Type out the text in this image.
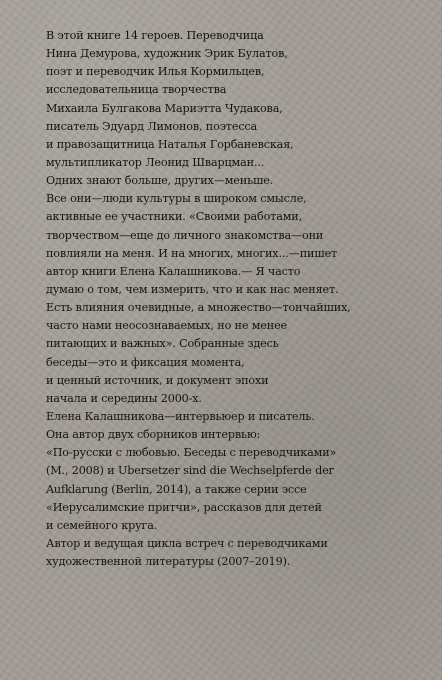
В этой книге 14 героев. Переводчица
Нина Демурова, художник Эрик Булатов,
поэт и переводчик Илья Кормильцев,
исследовательница творчества
Михаила Булгакова Мариэтта Чудакова,
писатель Эдуард Лимонов, поэтесса
и правозащитница Наталья Горбаневская,
мультипликатор Леонид Шварцман...
Одних знают больше, других—меньше.
Все они—люди культуры в широком смысле,
активные ее участники. «Своими работами,
творчеством—еще до личного знакомства—они
повлияли на меня. И на многих, многих...—пишет
автор книги Елена Калашникова.— Я часто
думаю о том, чем измерить, что и как нас меняет.
Есть влияния очевидные, а множество—тончайших,
часто нами неосознаваемых, но не менее
питающих и важных». Собранные здесь
беседы—это и фиксация момента,
и ценный источник, и документ эпохи
начала и середины 2000-х.
Елена Калашникова—интервьюер и писатель.
Она автор двух сборников интервью:
«По-русски с любовью. Беседы с переводчиками»
(М., 2008) и Ubersetzer sind die Wechselpferde der
Aufklarung (Berlin, 2014), а также серии эссе
«Иерусалимские притчи», рассказов для детей
и семейного круга.
Автор и ведущая цикла встреч с переводчиками
художественной литературы (2007–2019).
